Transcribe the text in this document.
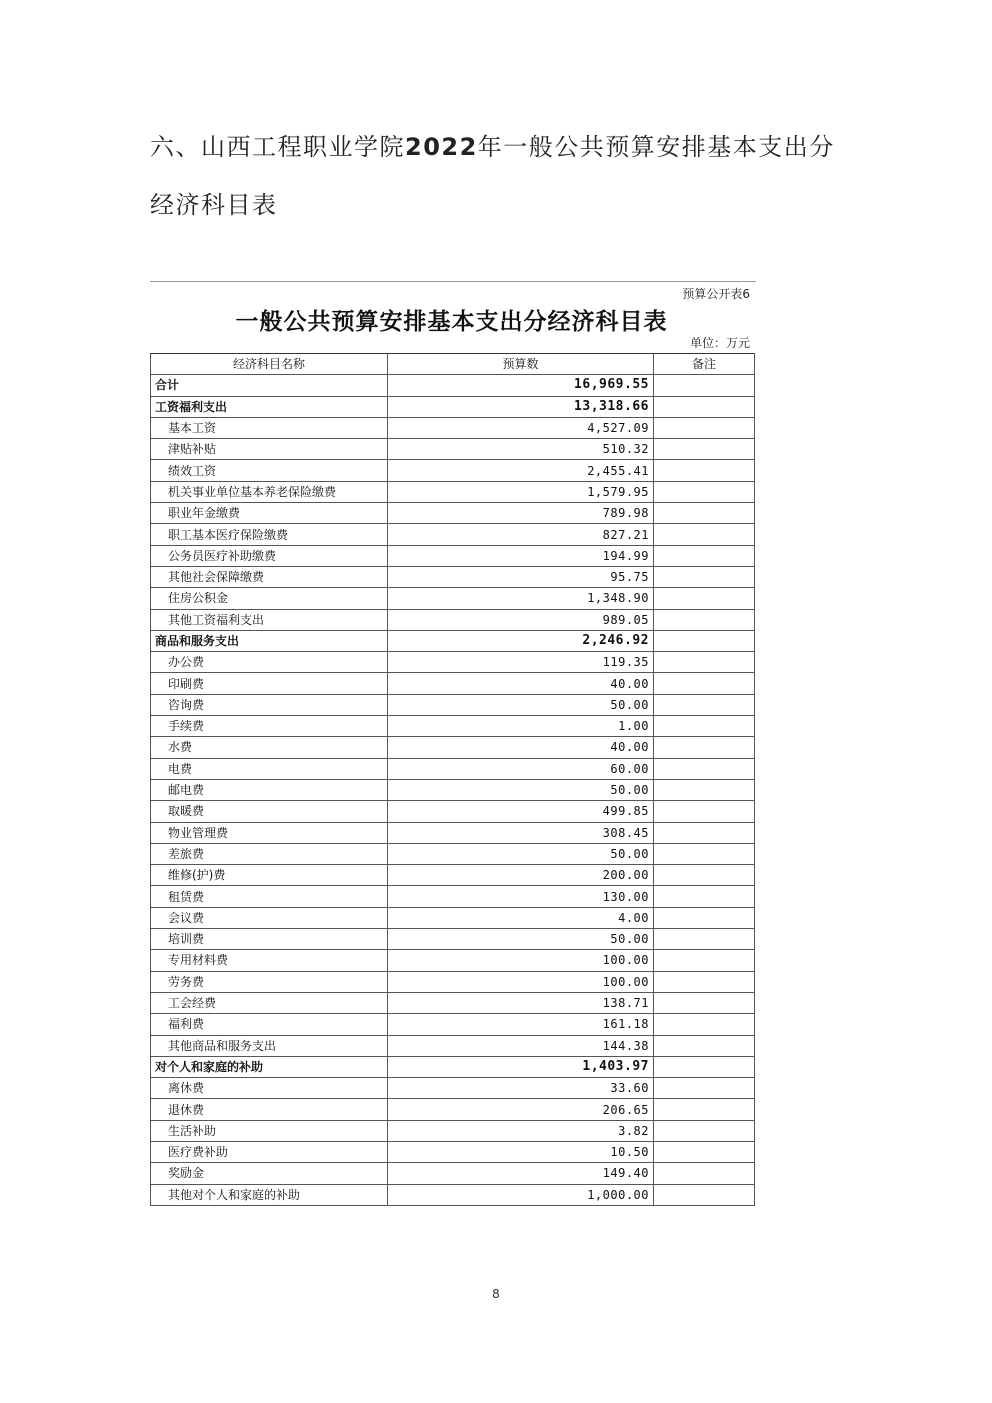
六、山西工程职业学院2022年一般公共预算安排基本支出分经济科目表
预算公开表6
一般公共预算安排基本支出分经济科目表
单位：万元
经济科目名称	预算数	备注
合计	16,969.55	
工资福利支出	13,318.66	
基本工资	4,527.09	
津贴补贴	510.32	
绩效工资	2,455.41	
机关事业单位基本养老保险缴费	1,579.95	
职业年金缴费	789.98	
职工基本医疗保险缴费	827.21	
公务员医疗补助缴费	194.99	
其他社会保障缴费	95.75	
住房公积金	1,348.90	
其他工资福利支出	989.05	
商品和服务支出	2,246.92	
办公费	119.35	
印刷费	40.00	
咨询费	50.00	
手续费	1.00	
水费	40.00	
电费	60.00	
邮电费	50.00	
取暖费	499.85	
物业管理费	308.45	
差旅费	50.00	
维修(护)费	200.00	
租赁费	130.00	
会议费	4.00	
培训费	50.00	
专用材料费	100.00	
劳务费	100.00	
工会经费	138.71	
福利费	161.18	
其他商品和服务支出	144.38	
对个人和家庭的补助	1,403.97	
离休费	33.60	
退休费	206.65	
生活补助	3.82	
医疗费补助	10.50	
奖励金	149.40	
其他对个人和家庭的补助	1,000.00	
8
